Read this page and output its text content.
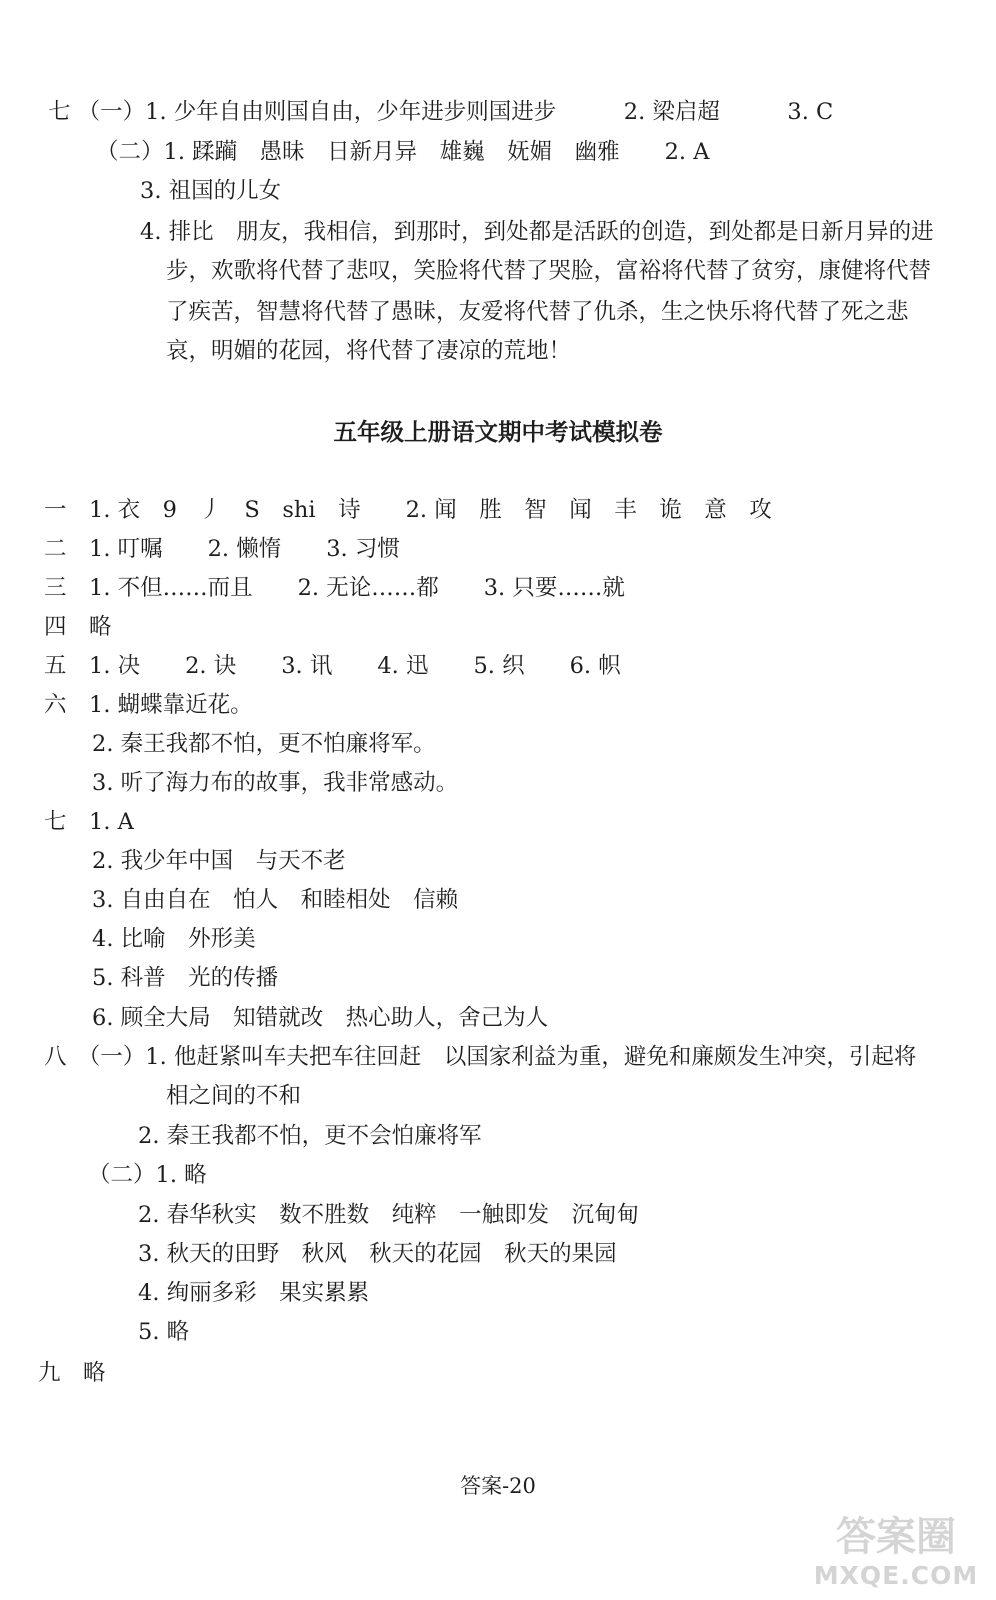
七 （一）1. 少年自由则国自由，少年进步则国进步　　　2. 梁启超　　　3. C
（二）1. 蹂躏　愚昧　日新月异　雄巍　妩媚　幽雅　　2. A
3. 祖国的儿女
4. 排比　朋友，我相信，到那时，到处都是活跃的创造，到处都是日新月异的进
步，欢歌将代替了悲叹，笑脸将代替了哭脸，富裕将代替了贫穷，康健将代替
了疾苦，智慧将代替了愚昧，友爱将代替了仇杀，生之快乐将代替了死之悲
哀，明媚的花园，将代替了凄凉的荒地！
五年级上册语文期中考试模拟卷
一　1. 衣　9　丿　S　shi　诗　　2. 闻　胜　智　闻　丰　诡　意　攻
二　1. 叮嘱　　2. 懒惰　　3. 习惯
三　1. 不但……而且　　2. 无论……都　　3. 只要……就
四　略
五　1. 决　　2. 诀　　3. 讯　　4. 迅　　5. 织　　6. 帜
六　1. 蝴蝶靠近花。
2. 秦王我都不怕，更不怕廉将军。
3. 听了海力布的故事，我非常感动。
七　1. A
2. 我少年中国　与天不老
3. 自由自在　怕人　和睦相处　信赖
4. 比喻　外形美
5. 科普　光的传播
6. 顾全大局　知错就改　热心助人，舍己为人
八　（一）1. 他赶紧叫车夫把车往回赶　以国家利益为重，避免和廉颇发生冲突，引起将
相之间的不和
2. 秦王我都不怕，更不会怕廉将军
（二）1. 略
2. 春华秋实　数不胜数　纯粹　一触即发　沉甸甸
3. 秋天的田野　秋风　秋天的花园　秋天的果园
4. 绚丽多彩　果实累累
5. 略
九　略
答案-20
答案圈
MXQE.COM
